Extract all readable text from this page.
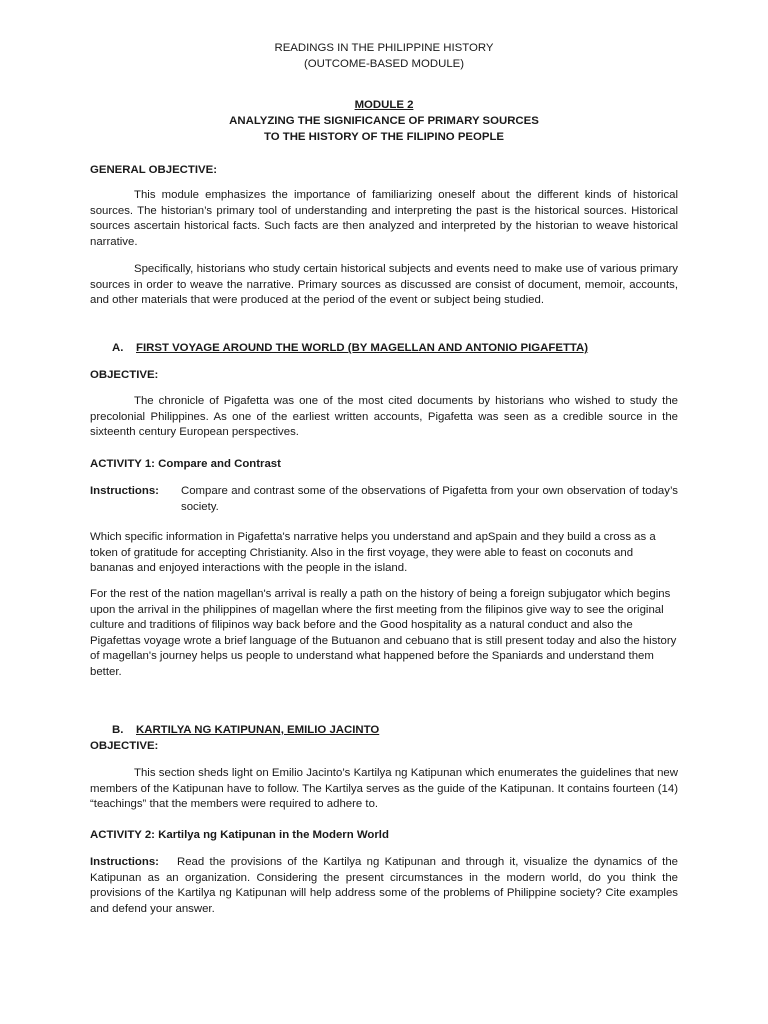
READINGS IN THE PHILIPPINE HISTORY
(OUTCOME-BASED MODULE)
MODULE 2
ANALYZING THE SIGNIFICANCE OF PRIMARY SOURCES
TO THE HISTORY OF THE FILIPINO PEOPLE
GENERAL OBJECTIVE:
This module emphasizes the importance of familiarizing oneself about the different kinds of historical sources. The historian’s primary tool of understanding and interpreting the past is the historical sources. Historical sources ascertain historical facts. Such facts are then analyzed and interpreted by the historian to weave historical narrative.
Specifically, historians who study certain historical subjects and events need to make use of various primary sources in order to weave the narrative. Primary sources as discussed are consist of document, memoir, accounts, and other materials that were produced at the period of the event or subject being studied.
A. FIRST VOYAGE AROUND THE WORLD (BY MAGELLAN AND ANTONIO PIGAFETTA)
OBJECTIVE:
The chronicle of Pigafetta was one of the most cited documents by historians who wished to study the precolonial Philippines. As one of the earliest written accounts, Pigafetta was seen as a credible source in the sixteenth century European perspectives.
ACTIVITY 1: Compare and Contrast
Instructions:	Compare and contrast some of the observations of Pigafetta from your own observation of today’s society.
Which specific information in Pigafetta's narrative helps you understand and apSpain and they build a cross as a token of gratitude for accepting Christianity. Also in the first voyage, they were able to feast on coconuts and bananas and enjoyed interactions with the people in the island.
For the rest of the nation magellan's arrival is really a path on the history of being a foreign subjugator which begins upon the arrival in the philippines of magellan where the first meeting from the filipinos give way to see the original culture and traditions of filipinos way back before and the Good hospitality as a natural conduct and also the Pigafettas voyage wrote a brief language of the Butuanon and cebuano that is still present today and also the history of magellan's journey helps us people to understand what happened before the Spaniards and understand them better.
B. KARTILYA NG KATIPUNAN, EMILIO JACINTO
OBJECTIVE:
This section sheds light on Emilio Jacinto’s Kartilya ng Katipunan which enumerates the guidelines that new members of the Katipunan have to follow. The Kartilya serves as the guide of the Katipunan. It contains fourteen (14) “teachings” that the members were required to adhere to.
ACTIVITY 2: Kartilya ng Katipunan in the Modern World
Instructions: Read the provisions of the Kartilya ng Katipunan and through it, visualize the dynamics of the Katipunan as an organization. Considering the present circumstances in the modern world, do you think the provisions of the Kartilya ng Katipunan will help address some of the problems of Philippine society? Cite examples and defend your answer.
